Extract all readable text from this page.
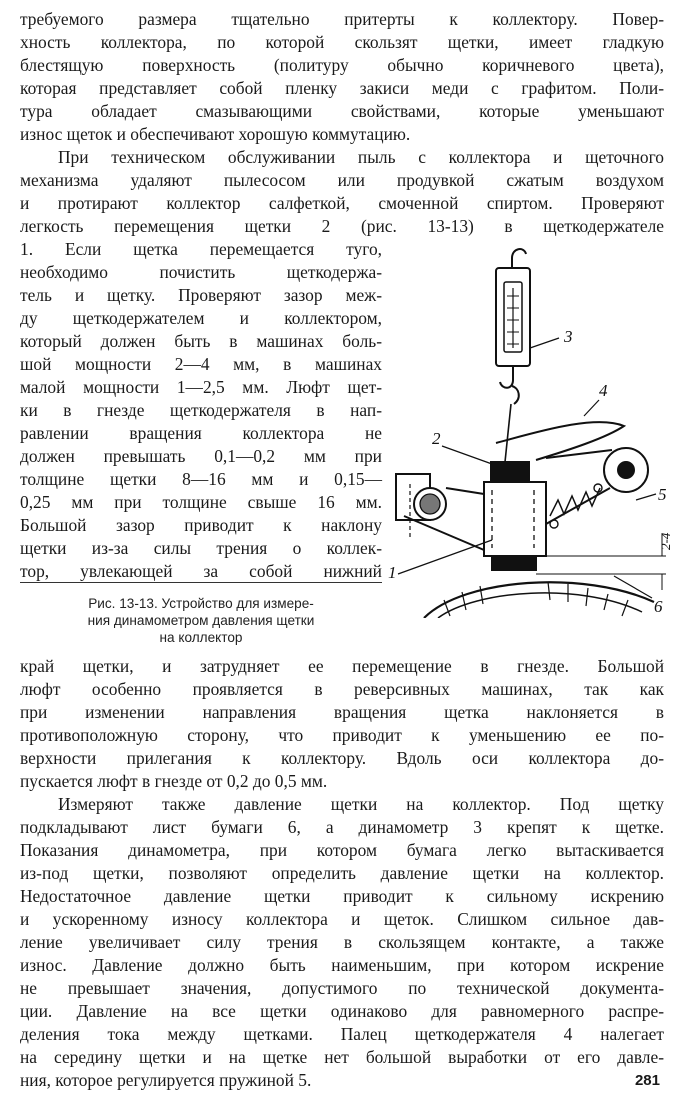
требуемого размера тщательно притерты к коллектору. Повер-
хность коллектора, по которой скользят щетки, имеет гладкую
блестящую поверхность (политуру обычно коричневого цвета),
которая представляет собой пленку закиси меди с графитом. Поли-
тура обладает смазывающими свойствами, которые уменьшают
износ щеток и обеспечивают хорошую коммутацию.
При техническом обслуживании пыль с коллектора и щеточного
механизма удаляют пылесосом или продувкой сжатым воздухом
и протирают коллектор салфеткой, смоченной спиртом. Проверяют
легкость перемещения щетки 2 (рис. 13-13) в щеткодержателе
1. Если щетка перемещается туго,
необходимо почистить щеткодержа-
тель и щетку. Проверяют зазор меж-
ду щеткодержателем и коллектором,
который должен быть в машинах боль-
шой мощности 2—4 мм, в машинах
малой мощности 1—2,5 мм. Люфт щет-
ки в гнезде щеткодержателя в нап-
равлении вращения коллектора не
должен превышать 0,1—0,2 мм при
толщине щетки 8—16 мм и 0,15—
0,25 мм при толщине свыше 16 мм.
Большой зазор приводит к наклону
щетки из-за силы трения о коллек-
тор, увлекающей за собой нижний
Рис. 13-13. Устройство для измере-
ния динамометром давления щетки
на коллектор
3
4
2
5
1
6
2-4
край щетки, и затрудняет ее перемещение в гнезде. Большой
люфт особенно проявляется в реверсивных машинах, так как
при изменении направления вращения щетка наклоняется в
противоположную сторону, что приводит к уменьшению ее по-
верхности прилегания к коллектору. Вдоль оси коллектора до-
пускается люфт в гнезде от 0,2 до 0,5 мм.
Измеряют также давление щетки на коллектор. Под щетку
подкладывают лист бумаги 6, а динамометр 3 крепят к щетке.
Показания динамометра, при котором бумага легко вытаскивается
из-под щетки, позволяют определить давление щетки на коллектор.
Недостаточное давление щетки приводит к сильному искрению
и ускоренному износу коллектора и щеток. Слишком сильное дав-
ление увеличивает силу трения в скользящем контакте, а также
износ. Давление должно быть наименьшим, при котором искрение
не превышает значения, допустимого по технической документа-
ции. Давление на все щетки одинаково для равномерного распре-
деления тока между щетками. Палец щеткодержателя 4 налегает
на середину щетки и на щетке нет большой выработки от его давле-
ния, которое регулируется пружиной 5.	281
